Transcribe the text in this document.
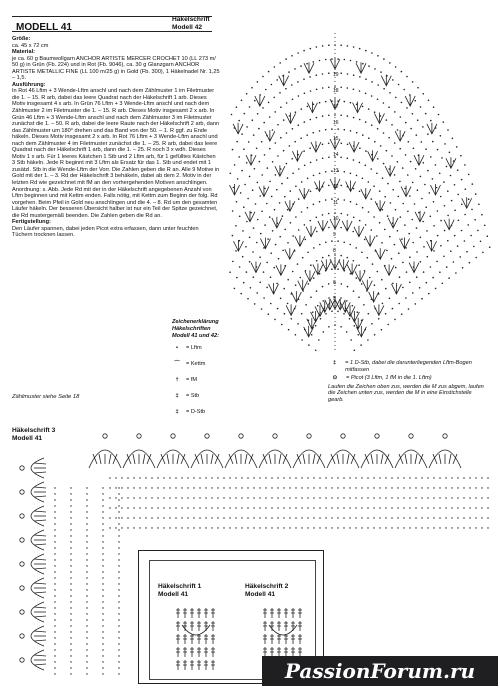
MODELL 41

Größe:

ca. 45 x 72 cm

Material:

je ca. 60 g Baumwollgarn ANCHOR ARTISTE MERCER CROCHET 10 (LL 273 m/ 50 g) in Grün (Fb. 224) und in Rot (Fb. 9046), ca. 30 g Glanzgarn ANCHOR ARTISTE METALLIC FINE (LL 100 m/25 g) in Gold (Fb. 300), 1 Häkelnadel Nr. 1,25 – 1,5.

Ausführung:

In Rot 46 Lftm + 3 Wende-Lftm anschl und nach dem Zählmuster 1 im Filetmuster die 1. – 15. R arb, dabei das leere Quadrat nach der Häkelschrift 1 arb. Dieses Motiv insgesamt 4 x arb. In Grün 76 Lftm + 3 Wende-Lftm anschl und nach dem Zählmuster 2 im Filetmuster die 1. – 15. R arb. Dieses Motiv insgesamt 2 x arb. In Grün 46 Lftm + 3 Wende-Lftm anschl und nach dem Zählmuster 3 im Filetmuster zunächst die 1. – 50. R arb, dabei die leere Raute nach der Häkelschrift 2 arb, dann das Zählmuster um 180° drehen und das Band von der 50. – 1. R ggf. zu Ende häkeln. Dieses Motiv insgesamt 2 x arb. In Rot 76 Lftm + 3 Wende-Lftm anschl und nach dem Zählmuster 4 im Filetmuster zunächst die 1. – 25. R arb, dabei das leere Quadrat nach der Häkelschrift 1 arb, dann die 1. – 25. R noch 3 x wdh. Dieses Motiv 1 x arb. Für 1 leeres Kästchen 1 Stb und 2 Lftm arb, für 1 gefülltes Kästchen 3 Stb häkeln. Jede R beginnt mit 3 Lftm als Ersatz für das 1. Stb und endet mit 1 zusätzl. Stb in die Wende-Lftm der Vorr. Die Zahlen geben die R an. Alle 9 Motive in Gold mit der 1. – 3. Rd der Häkelschrift 3 behäkeln, dabei ab dem 2. Motiv in der letzten Rd wie gezeichnet mit fM an den vorhergehenden Motiven anschlingen. Anordnung: s. Abb. Jede Rd mit der in der Häkelschrift angegebenen Anzahl von Lftm beginnen und mit Kettm enden. Falls nötig, mit Kettm zum Beginn der folg. Rd vorgehen. Beim Pfeil in Gold neu anschlingen und die 4. – 8. Rd um den gesamten Läufer häkeln. Der besseren Übersicht halber ist nur ein Teil der Spitze gezeichnet, die Rd mustergemäß beenden. Die Zahlen geben die Rd an.

Fertigstellung:

Den Läufer spannen, dabei jeden Picot extra erfassen, dann unter feuchten Tüchern trocknen lassen.

Zählmuster siehe Seite 18
Häkelschrift
Modell 42
19
18
17
16
15
14
13
12
11
10
9
8
7
6
5
Zeichenerklärung
Häkelschriften
Modell 41 und 42:
•	= Lftm
⌒	= Kettm
†	= fM
‡	= Stb
‡	= D-Stb
‡	= 1 D-Stb, dabei die darunterliegenden Lftm-Bogen mitfassen
⊙	= Picot (3 Lftm, 1 fM in die 1. Lftm)
Laufen die Zeichen oben zus, werden die M zus abgem, laufen die Zeichen unten zus, werden die M in eine Einstichstelle gearb.
Häkelschrift 3
Modell 41
Häkelschrift 1
Modell 41
Häkelschrift 2
Modell 41
PassionForum.ru
